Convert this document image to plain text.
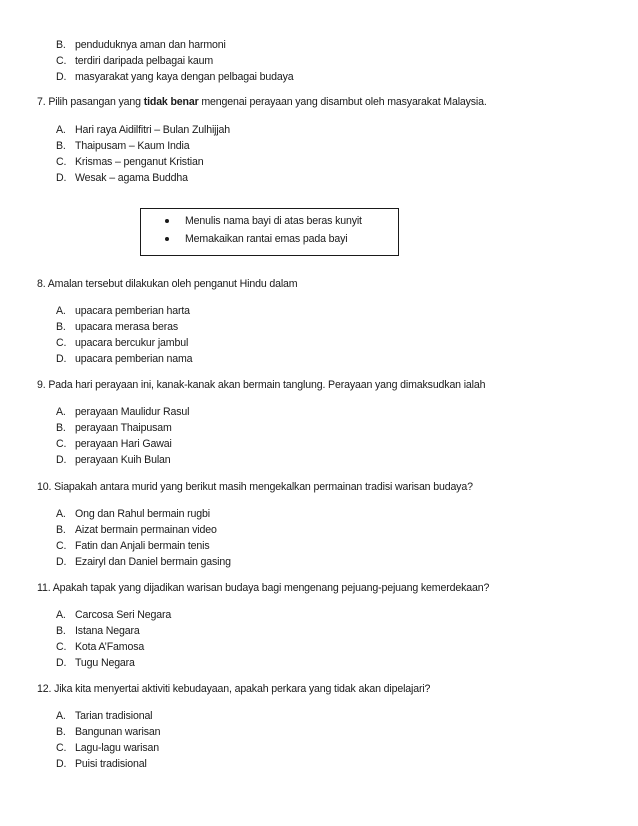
B. penduduknya aman dan harmoni
C. terdiri daripada pelbagai kaum
D. masyarakat yang kaya dengan pelbagai budaya
7. Pilih pasangan yang tidak benar mengenai perayaan yang disambut oleh masyarakat Malaysia.
A. Hari raya Aidilfitri – Bulan Zulhijjah
B. Thaipusam – Kaum India
C. Krismas – penganut Kristian
D. Wesak – agama Buddha
Menulis nama bayi di atas beras kunyit
Memakaikan rantai emas pada bayi
8. Amalan tersebut dilakukan oleh penganut Hindu dalam
A. upacara pemberian harta
B. upacara merasa beras
C. upacara bercukur jambul
D. upacara pemberian nama
9. Pada hari perayaan ini, kanak-kanak akan bermain tanglung. Perayaan yang dimaksudkan ialah
A. perayaan Maulidur Rasul
B. perayaan Thaipusam
C. perayaan Hari Gawai
D. perayaan Kuih Bulan
10. Siapakah antara murid yang berikut masih mengekalkan permainan tradisi warisan budaya?
A. Ong dan Rahul bermain rugbi
B. Aizat bermain permainan video
C. Fatin dan Anjali bermain tenis
D. Ezairyl dan Daniel bermain gasing
11. Apakah tapak yang dijadikan warisan budaya bagi mengenang pejuang-pejuang kemerdekaan?
A. Carcosa Seri Negara
B. Istana Negara
C. Kota A’Famosa
D. Tugu Negara
12. Jika kita menyertai aktiviti kebudayaan, apakah perkara yang tidak akan dipelajari?
A. Tarian tradisional
B. Bangunan warisan
C. Lagu-lagu warisan
D. Puisi tradisional
